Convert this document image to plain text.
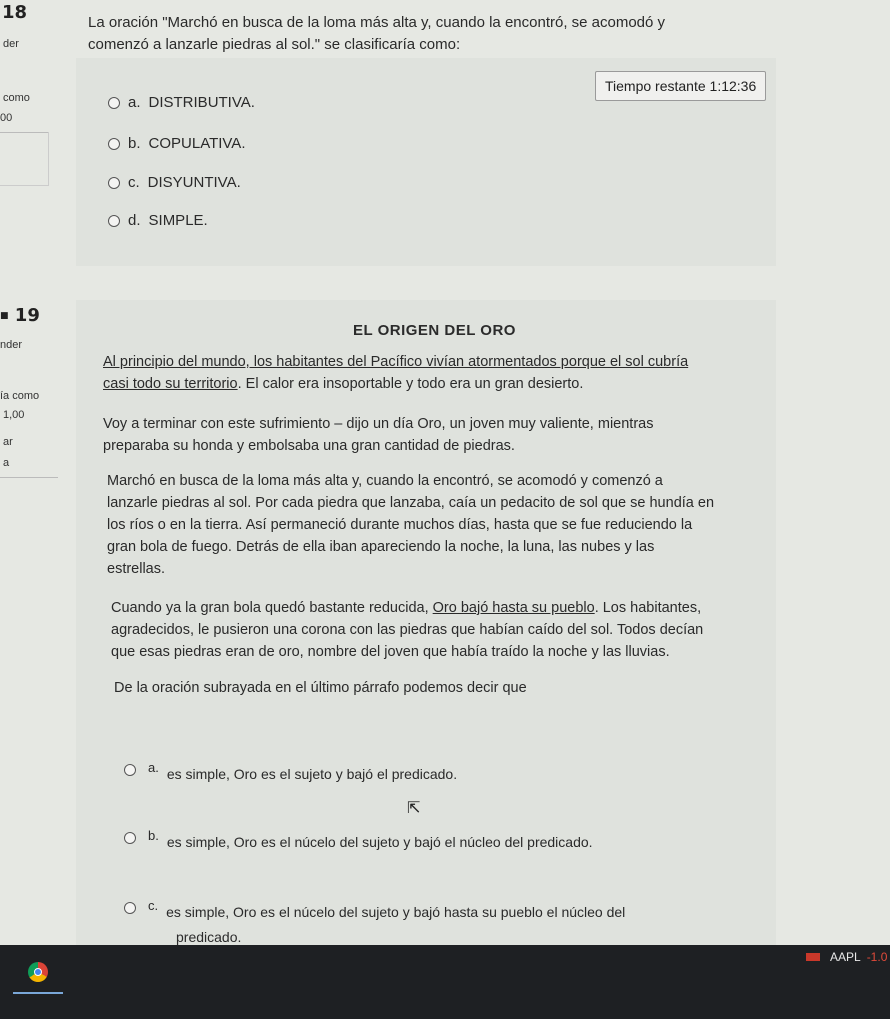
18
der
como
00
La oración "Marchó en busca de la loma más alta y, cuando la encontró, se acomodó y
comenzó a lanzarle piedras al sol." se clasificaría como:
Tiempo restante 1:12:36
a. DISTRIBUTIVA.
b. COPULATIVA.
c. DISYUNTIVA.
d. SIMPLE.
■ 19
nder
ía como
1,00
ar
a
EL ORIGEN DEL ORO
Al principio del mundo, los habitantes del Pacífico vivían atormentados porque el sol cubría
casi todo su territorio. El calor era insoportable y todo era un gran desierto.
Voy a terminar con este sufrimiento – dijo un día Oro, un joven muy valiente, mientras
preparaba su honda y embolsaba una gran cantidad de piedras.
Marchó en busca de la loma más alta y, cuando la encontró, se acomodó y comenzó a
lanzarle piedras al sol. Por cada piedra que lanzaba, caía un pedacito de sol que se hundía en
los ríos o en la tierra. Así permaneció durante muchos días, hasta que se fue reduciendo la
gran bola de fuego. Detrás de ella iban apareciendo la noche, la luna, las nubes y las
estrellas.
Cuando ya la gran bola quedó bastante reducida, Oro bajó hasta su pueblo. Los habitantes,
agradecidos, le pusieron una corona con las piedras que habían caído del sol. Todos decían
que esas piedras eran de oro, nombre del joven que había traído la noche y las lluvias.
De la oración subrayada en el último párrafo podemos decir que
a. es simple, Oro es el sujeto y bajó el predicado.
⇱
b. es simple, Oro es el núcelo del sujeto y bajó el núcleo del predicado.
c. es simple, Oro es el núcelo del sujeto y bajó hasta su pueblo el núcleo del
predicado.
AAPL -1.0
